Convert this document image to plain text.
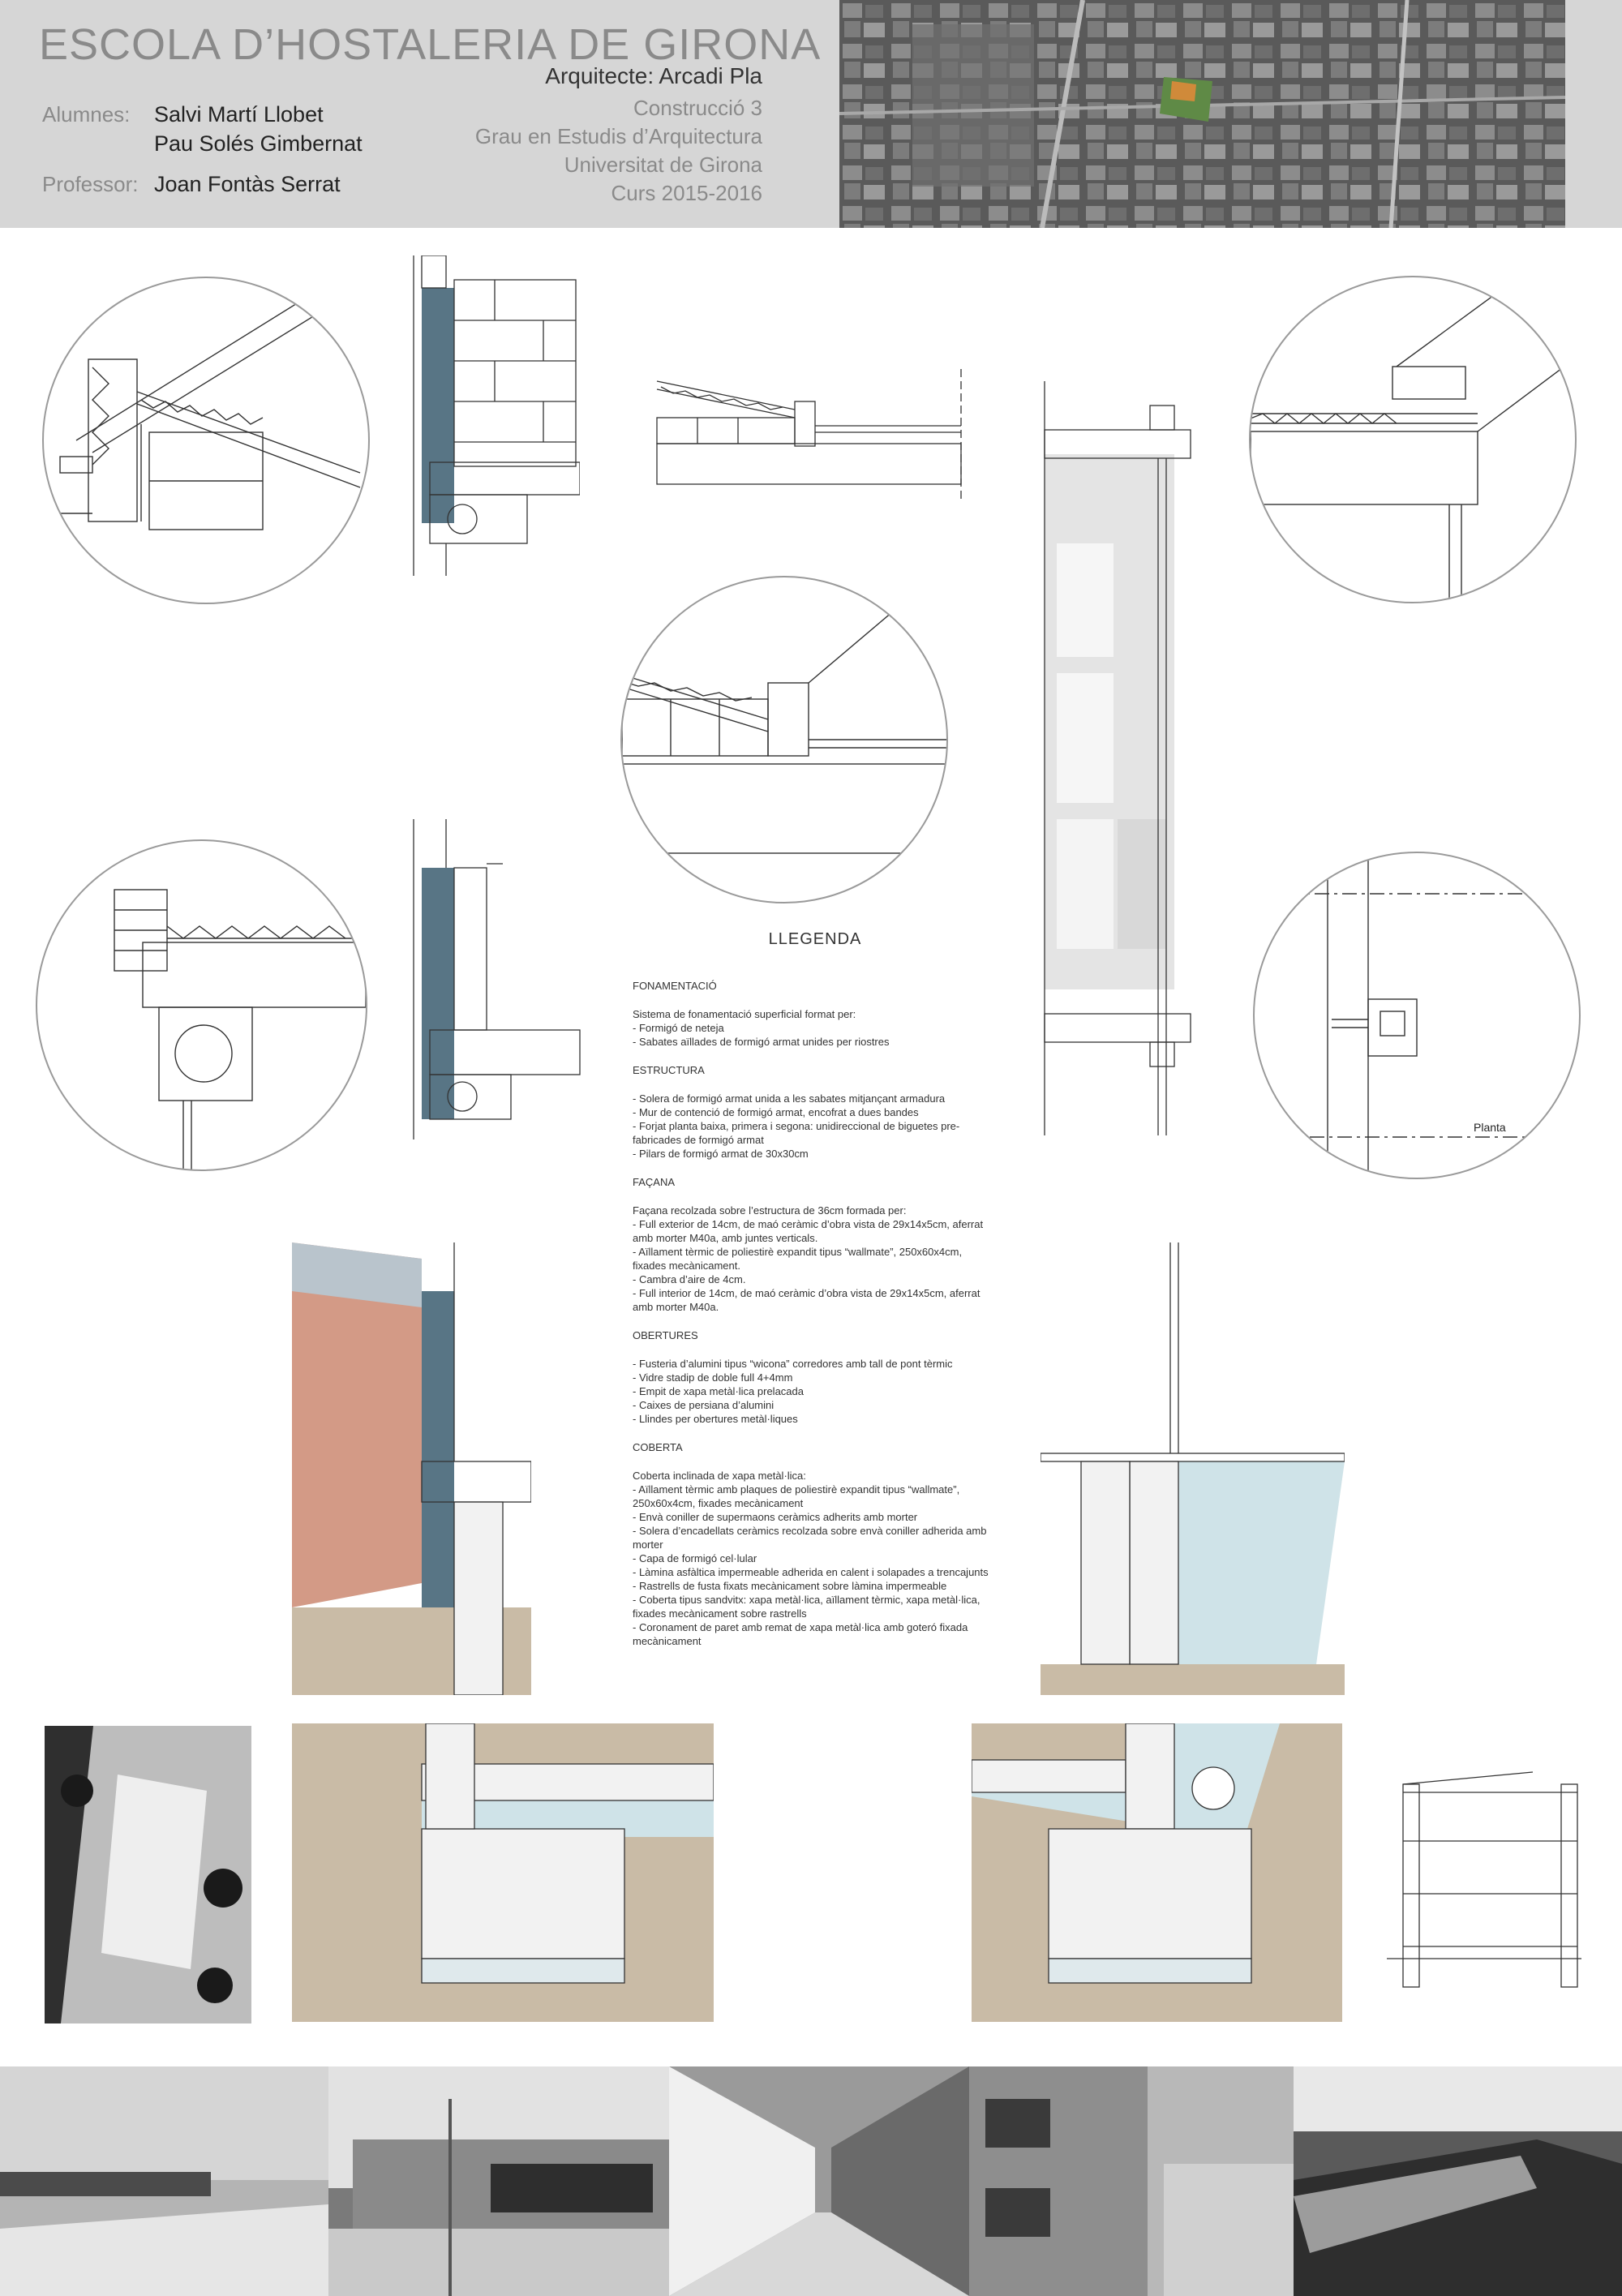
ESCOLA D’HOSTALERIA DE GIRONA
Arquitecte: Arcadi Pla
Alumnes: Salvi Martí Llobet
Pau Solés Gimbernat
Professor: Joan Fontàs Serrat
Construcció 3
Grau en Estudis d’Arquitectura
Universitat de Girona
Curs 2015-2016
Planta
LLEGENDA
FONAMENTACIÓ

Sistema de fonamentació superficial format per:

- Formigó de neteja

- Sabates aïllades de formigó armat unides per riostres

ESTRUCTURA

- Solera de formigó armat unida a les sabates mitjançant armadura

- Mur de contenció de formigó armat, encofrat a dues bandes

- Forjat planta baixa, primera i segona: unidireccional de biguetes pre-fabricades de formigó armat

- Pilars de formigó armat de 30x30cm

FAÇANA

Façana recolzada sobre l’estructura de 36cm formada per:

- Full exterior de 14cm, de maó ceràmic d’obra vista de 29x14x5cm, aferrat amb morter M40a, amb juntes verticals.

- Aïllament tèrmic de poliestirè expandit tipus “wallmate”, 250x60x4cm, fixades mecànicament.

- Cambra d’aire de 4cm.

- Full interior de 14cm, de maó ceràmic d’obra vista de 29x14x5cm, aferrat amb morter M40a.

OBERTURES

- Fusteria d’alumini tipus “wicona” corredores amb tall de pont tèrmic

- Vidre stadip de doble full 4+4mm

- Empit de xapa metàl·lica prelacada

- Caixes de persiana d’alumini

- Llindes per obertures metàl·liques

COBERTA

Coberta inclinada de xapa metàl·lica:

- Aïllament tèrmic amb plaques de poliestirè expandit tipus “wallmate”, 250x60x4cm, fixades mecànicament

- Envà coniller de supermaons ceràmics adherits amb morter

- Solera d’encadellats ceràmics recolzada sobre envà coniller adherida amb morter

- Capa de formigó cel·lular

- Làmina asfàltica impermeable adherida en calent i solapades a trencajunts

- Rastrells de fusta fixats mecànicament sobre làmina impermeable

- Coberta tipus sandvitx: xapa metàl·lica, aïllament tèrmic, xapa metàl·lica, fixades mecànicament sobre rastrells

- Coronament de paret amb remat de xapa metàl·lica amb goteró fixada mecànicament
